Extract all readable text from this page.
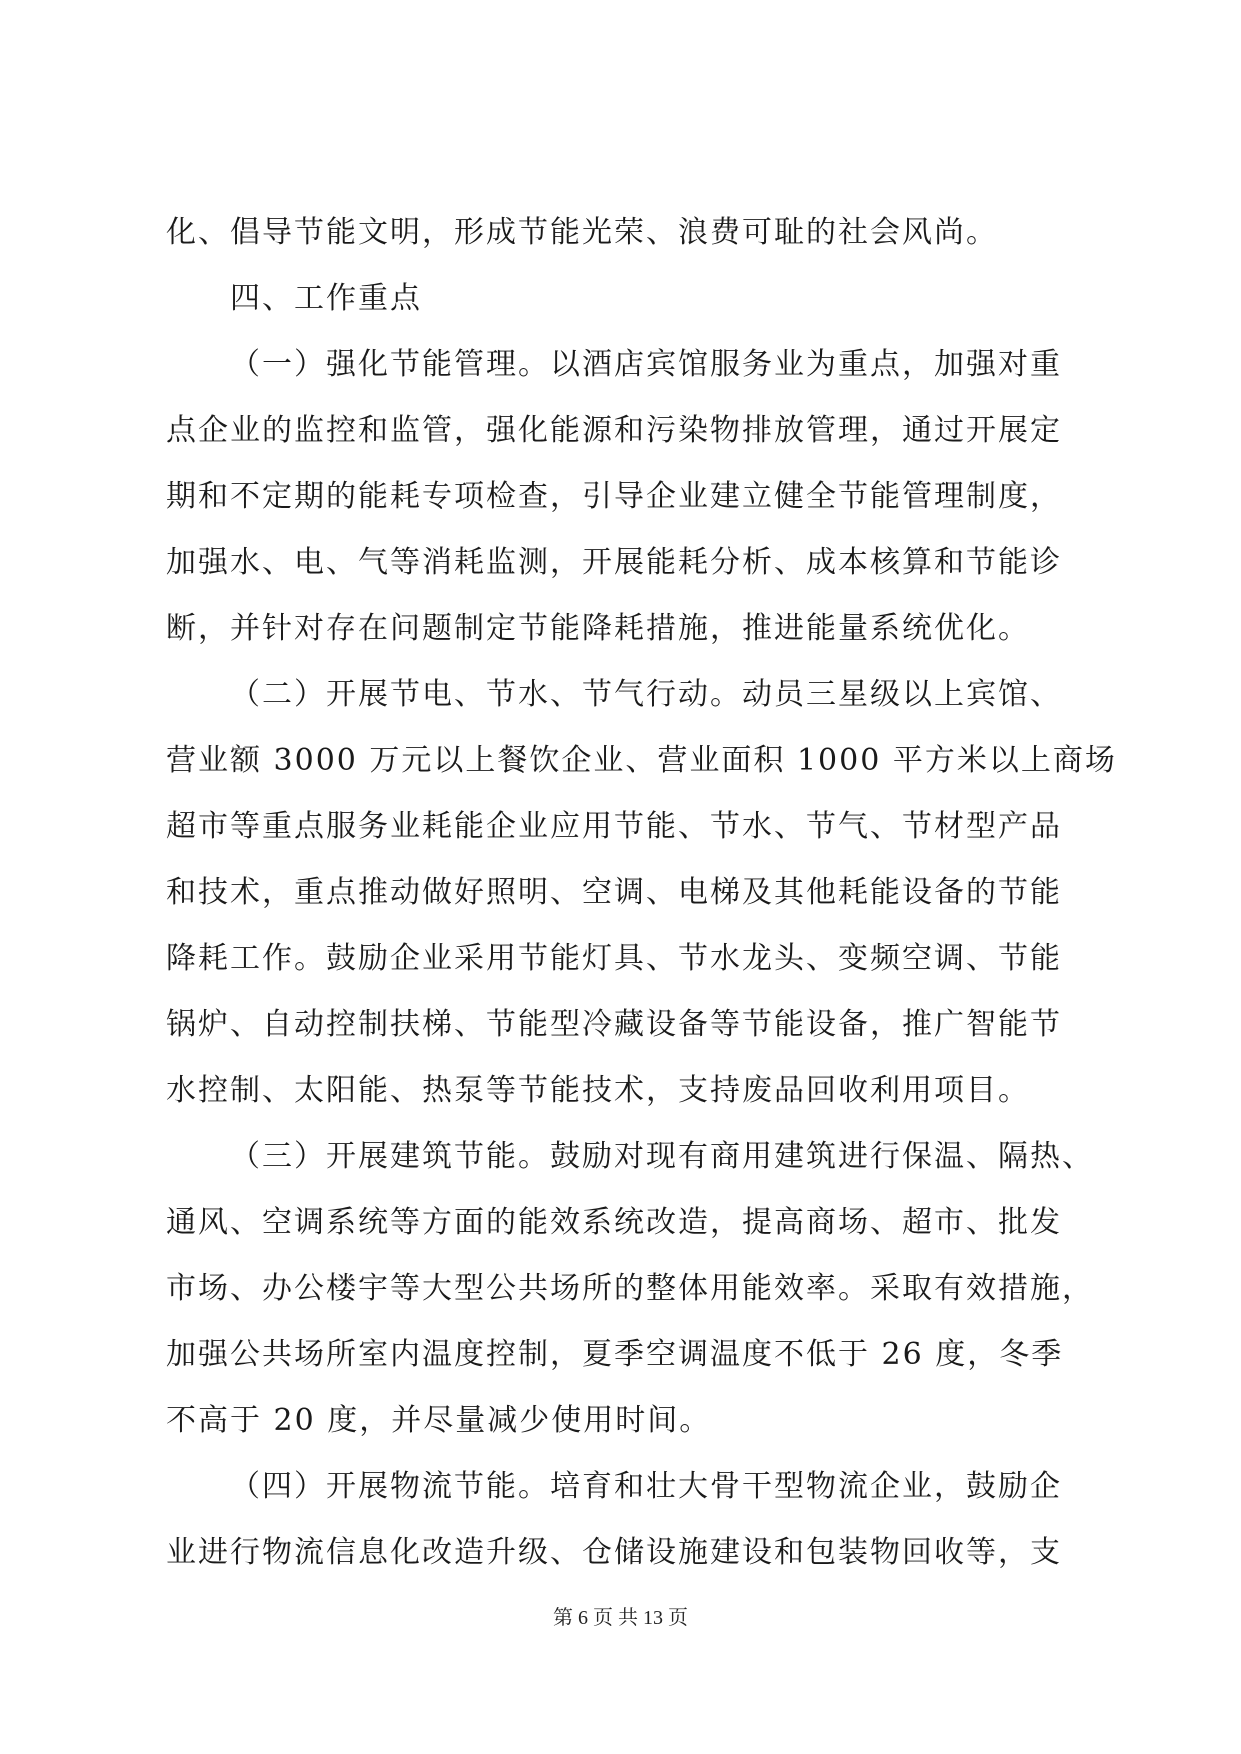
化、倡导节能文明，形成节能光荣、浪费可耻的社会风尚。
四、工作重点
（一）强化节能管理。以酒店宾馆服务业为重点，加强对重
点企业的监控和监管，强化能源和污染物排放管理，通过开展定
期和不定期的能耗专项检查，引导企业建立健全节能管理制度，
加强水、电、气等消耗监测，开展能耗分析、成本核算和节能诊
断，并针对存在问题制定节能降耗措施，推进能量系统优化。
（二）开展节电、节水、节气行动。动员三星级以上宾馆、
营业额 3000 万元以上餐饮企业、营业面积 1000 平方米以上商场
超市等重点服务业耗能企业应用节能、节水、节气、节材型产品
和技术，重点推动做好照明、空调、电梯及其他耗能设备的节能
降耗工作。鼓励企业采用节能灯具、节水龙头、变频空调、节能
锅炉、自动控制扶梯、节能型冷藏设备等节能设备，推广智能节
水控制、太阳能、热泵等节能技术，支持废品回收利用项目。
（三）开展建筑节能。鼓励对现有商用建筑进行保温、隔热、
通风、空调系统等方面的能效系统改造，提高商场、超市、批发
市场、办公楼宇等大型公共场所的整体用能效率。采取有效措施，
加强公共场所室内温度控制，夏季空调温度不低于 26 度，冬季
不高于 20 度，并尽量减少使用时间。
（四）开展物流节能。培育和壮大骨干型物流企业，鼓励企
业进行物流信息化改造升级、仓储设施建设和包装物回收等，支
第 6 页 共 13 页
